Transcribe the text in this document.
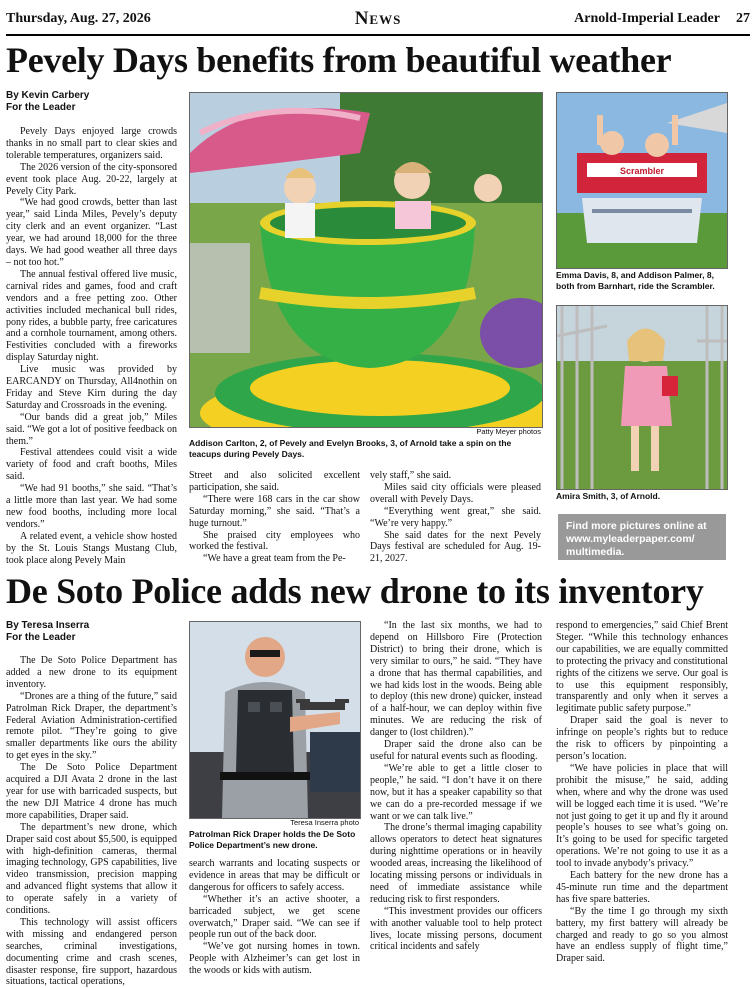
Thursday, Aug. 27, 2026	News	Arnold-Imperial Leader 27
Pevely Days benefits from beautiful weather
By Kevin Carbery
For the Leader

Pevely Days enjoyed large crowds thanks in no small part to clear skies and tolerable temperatures, organizers said.

The 2026 version of the city-sponsored event took place Aug. 20-22, largely at Pevely City Park.

“We had good crowds, better than last year,” said Linda Miles, Pevely’s deputy city clerk and an event organizer. “Last year, we had around 18,000 for the three days. We had good weather all three days – not too hot.”

The annual festival offered live music, carnival rides and games, food and craft vendors and a free petting zoo. Other activities included mechanical bull rides, pony rides, a bubble party, free caricatures and a cornhole tournament, among others. Festivities concluded with a fireworks display Saturday night.

Live music was provided by EARCANDY on Thursday, All4nothin on Friday and Steve Kirn during the day Saturday and Crossroads in the evening.

“Our bands did a great job,” Miles said. “We got a lot of positive feedback on them.”

Festival attendees could visit a wide variety of food and craft booths, Miles said.

“We had 91 booths,” she said. “That’s a little more than last year. We had some new food booths, including more local vendors.”

A related event, a vehicle show hosted by the St. Louis Stangs Mustang Club, took place along Pevely Main

Patty Meyer photos
Addison Carlton, 2, of Pevely and Evelyn Brooks, 3, of Arnold take a spin on the teacups during Pevely Days.

Street and also solicited excellent participation, she said.

“There were 168 cars in the car show Saturday morning,” she said. “That’s a huge turnout.”

She praised city employees who worked the festival.

“We have a great team from the Pe-

vely staff,” she said.

Miles said city officials were pleased overall with Pevely Days.

“Everything went great,” she said. “We’re very happy.”

She said dates for the next Pevely Days festival are scheduled for Aug. 19-21, 2027.

Scrambler
Emma Davis, 8, and Addison Palmer, 8, both from Barnhart, ride the Scrambler.
Amira Smith, 3, of Arnold.
Find more pictures online at www.myleaderpaper.com/ multimedia.
De Soto Police adds new drone to its inventory
By Teresa Inserra
For the Leader

The De Soto Police Department has added a new drone to its equipment inventory.

“Drones are a thing of the future,” said Patrolman Rick Draper, the department’s Federal Aviation Administration-certified remote pilot. “They’re going to give smaller departments like ours the ability to get eyes in the sky.”

The De Soto Police Department acquired a DJI Avata 2 drone in the last year for use with barricaded suspects, but the new DJI Matrice 4 drone has much more capabilities, Draper said.

The department’s new drone, which Draper said cost about $5,500, is equipped with high-definition cameras, thermal imaging technology, GPS capabilities, live video transmission, precision mapping and advanced flight systems that allow it to operate safely in a variety of conditions.

This technology will assist officers with missing and endangered person searches, criminal investigations, documenting crime and crash scenes, disaster response, fire support, hazardous situations, tactical operations,

Teresa Inserra photo
Patrolman Rick Draper holds the De Soto Police Department’s new drone.

search warrants and locating suspects or evidence in areas that may be difficult or dangerous for officers to safely access.

“Whether it’s an active shooter, a barricaded subject, we get scene overwatch,” Draper said. “We can see if people run out of the back door.

“We’ve got nursing homes in town. People with Alzheimer’s can get lost in the woods or kids with autism.

“In the last six months, we had to depend on Hillsboro Fire (Protection District) to bring their drone, which is very similar to ours,” he said. “They have a drone that has thermal capabilities, and we had kids lost in the woods. Being able to deploy (this new drone) quicker, instead of a half-hour, we can deploy within five minutes. We are reducing the risk of danger to (lost children).”

Draper said the drone also can be useful for natural events such as flooding.

“We’re able to get a little closer to people,” he said. “I don’t have it on there now, but it has a speaker capability so that we can do a pre-recorded message if we want or we can talk live.”

The drone’s thermal imaging capability allows operators to detect heat signatures during nighttime operations or in heavily wooded areas, increasing the likelihood of locating missing persons or individuals in need of immediate assistance while reducing risk to first responders.

“This investment provides our officers with another valuable tool to help protect lives, locate missing persons, document critical incidents and safely

respond to emergencies,” said Chief Brent Steger. “While this technology enhances our capabilities, we are equally committed to protecting the privacy and constitutional rights of the citizens we serve. Our goal is to use this equipment responsibly, transparently and only when it serves a legitimate public safety purpose.”

Draper said the goal is never to infringe on people’s rights but to reduce the risk to officers by pinpointing a person’s location.

“We have policies in place that will prohibit the misuse,” he said, adding when, where and why the drone was used will be logged each time it is used. “We’re not just going to get it up and fly it around people’s houses to see what’s going on. It’s going to be used for specific targeted operations. We’re not going to use it as a tool to invade anybody’s privacy.”

Each battery for the new drone has a 45-minute run time and the department has five spare batteries.

“By the time I go through my sixth battery, my first battery will already be charged and ready to go so you almost have an endless supply of flight time,” Draper said.
